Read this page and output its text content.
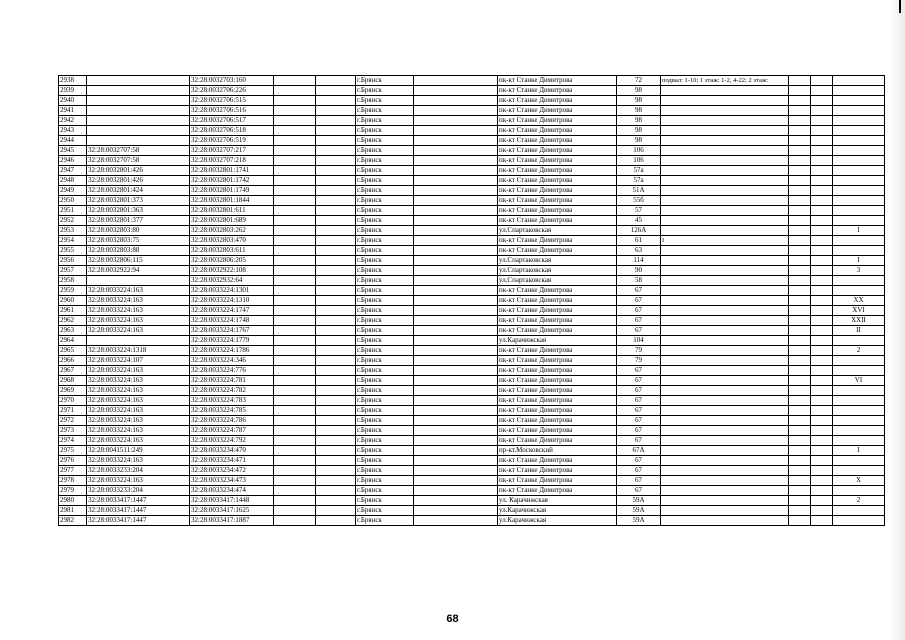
2938		32:28:0032703:160			г.Брянск		пк-кт Станке Димитрова	72	подвал: 1-10; 1 этаж: 1-2, 4-22; 2 этаж:			
2939		32:28:0032706:226			г.Брянск		пк-кт Станке Димитрова	98				
2940		32:28:0032706:515			г.Брянск		пк-кт Станке Димитрова	98				
2941		32:28:0032706:516			г.Брянск		пк-кт Станке Димитрова	98				
2942		32:28:0032706:517			г.Брянск		пк-кт Станке Димитрова	98				
2943		32:28:0032706:518			г.Брянск		пк-кт Станке Димитрова	98				
2944		32:28:0032706:519			г.Брянск		пк-кт Станке Димитрова	98				
2945	32:28:0032707:58	32:28:0032707:217			г.Брянск		пк-кт Станке Димитрова	106				
2946	32:28:0032707:58	32:28:0032707:218			г.Брянск		пк-кт Станке Димитрова	106				
2947	32:28:0032801:426	32:28:0032801:1741			г.Брянск		пк-кт Станке Димитрова	57а				
2948	32:28:0032801:426	32:28:0032801:1742			г.Брянск		пк-кт Станке Димитрова	57а				
2949	32:28:0032801:424	32:28:0032801:1749			г.Брянск		пк-кт Станке Димитрова	51А				
2950	32:28:0032801:373	32:28:0032801:1844			г.Брянск		пк-кт Станке Димитрова	55б				
2951	32:28:0032801:363	32:28:0032801:611			г.Брянск		пк-кт Станке Димитрова	57				
2952	32:28:0032801:377	32:28:0032801:689			г.Брянск		пк-кт Станке Димитрова	45				
2953	32:28:0032803:80	32:28:0032803:262			г.Брянск		ул.Спартаковская	126А				I
2954	32:28:0032803:75	32:28:0032803:470			г.Брянск		пк-кт Станке Димитрова	61	I			
2955	32:28:0032803:88	32:28:0032803:611			г.Брянск		пк-кт Станке Димитрова	63				
2956	32:28:0032806:115	32:28:0032806:205			г.Брянск		ул.Спартаковская	114				I
2957	32:28:0032922:94	32:28:0032922:108			г.Брянск		ул.Спартаковская	90				3
2958		32:28:0032932:64			г.Брянск		ул.Спартаковская	58				
2959	32:28:0033224:163	32:28:0033224:1301			г.Брянск		пк-кт Станке Димитрова	67				
2960	32:28:0033224:163	32:28:0033224:1310			г.Брянск		пк-кт Станке Димитрова	67				XX
2961	32:28:0033224:163	32:28:0033224:1747			г.Брянск		пк-кт Станке Димитрова	67				XVI
2962	32:28:0033224:163	32:28:0033224:1748			г.Брянск		пк-кт Станке Димитрова	67				XXII
2963	32:28:0033224:163	32:28:0033224:1767			г.Брянск		пк-кт Станке Димитрова	67				II
2964		32:28:0033224:1779			г.Брянск		ул.Карачижская	104				
2965	32:28:0033224:1318	32:28:0033224:1786			г.Брянск		пк-кт Станке Димитрова	79				2
2966	32:28:0033224:107	32:28:0033224:346			г.Брянск		пк-кт Станке Димитрова	79				
2967	32:28:0033224:163	32:28:0033224:776			г.Брянск		пк-кт Станке Димитрова	67				
2968	32:28:0033224:163	32:28:0033224:781			г.Брянск		пк-кт Станке Димитрова	67				VI
2969	32:28:0033224:163	32:28:0033224:782			г.Брянск		пк-кт Станке Димитрова	67				
2970	32:28:0033224:163	32:28:0033224:783			г.Брянск		пк-кт Станке Димитрова	67				
2971	32:28:0033224:163	32:28:0033224:785			г.Брянск		пк-кт Станке Димитрова	67				
2972	32:28:0033224:163	32:28:0033224:786			г.Брянск		пк-кт Станке Димитрова	67				
2973	32:28:0033224:163	32:28:0033224:787			г.Брянск		пк-кт Станке Димитрова	67				
2974	32:28:0033224:163	32:28:0033224:792			г.Брянск		пк-кт Станке Димитрова	67				
2975	32:28:0041511:249	32:28:0033234:470			г.Брянск		пр-кт.Московский	67А				I
2976	32:28:0033224:163	32:28:0033234:471			г.Брянск		пк-кт Станке Димитрова	67				
2977	32:28:0033233:204	32:28:0033234:472			г.Брянск		пк-кт Станке Димитрова	67				
2978	32:28:0033224:163	32:28:0033234:473			г.Брянск		пк-кт Станке Димитрова	67				X
2979	32:28:0033233:204	32:28:0033234:474			г.Брянск		пк-кт Станке Димитрова	67				
2980	32:28:0033417:1447	32:28:0033417:1448			г.Брянск		ул. Карачижская	59А				2
2981	32:28:0033417:1447	32:28:0033417:1625			г.Брянск		ул.Карачижская	59А				
2982	32:28:0033417:1447	32:28:0033417:1887			г.Брянск		ул.Карачижская	59А				
68
